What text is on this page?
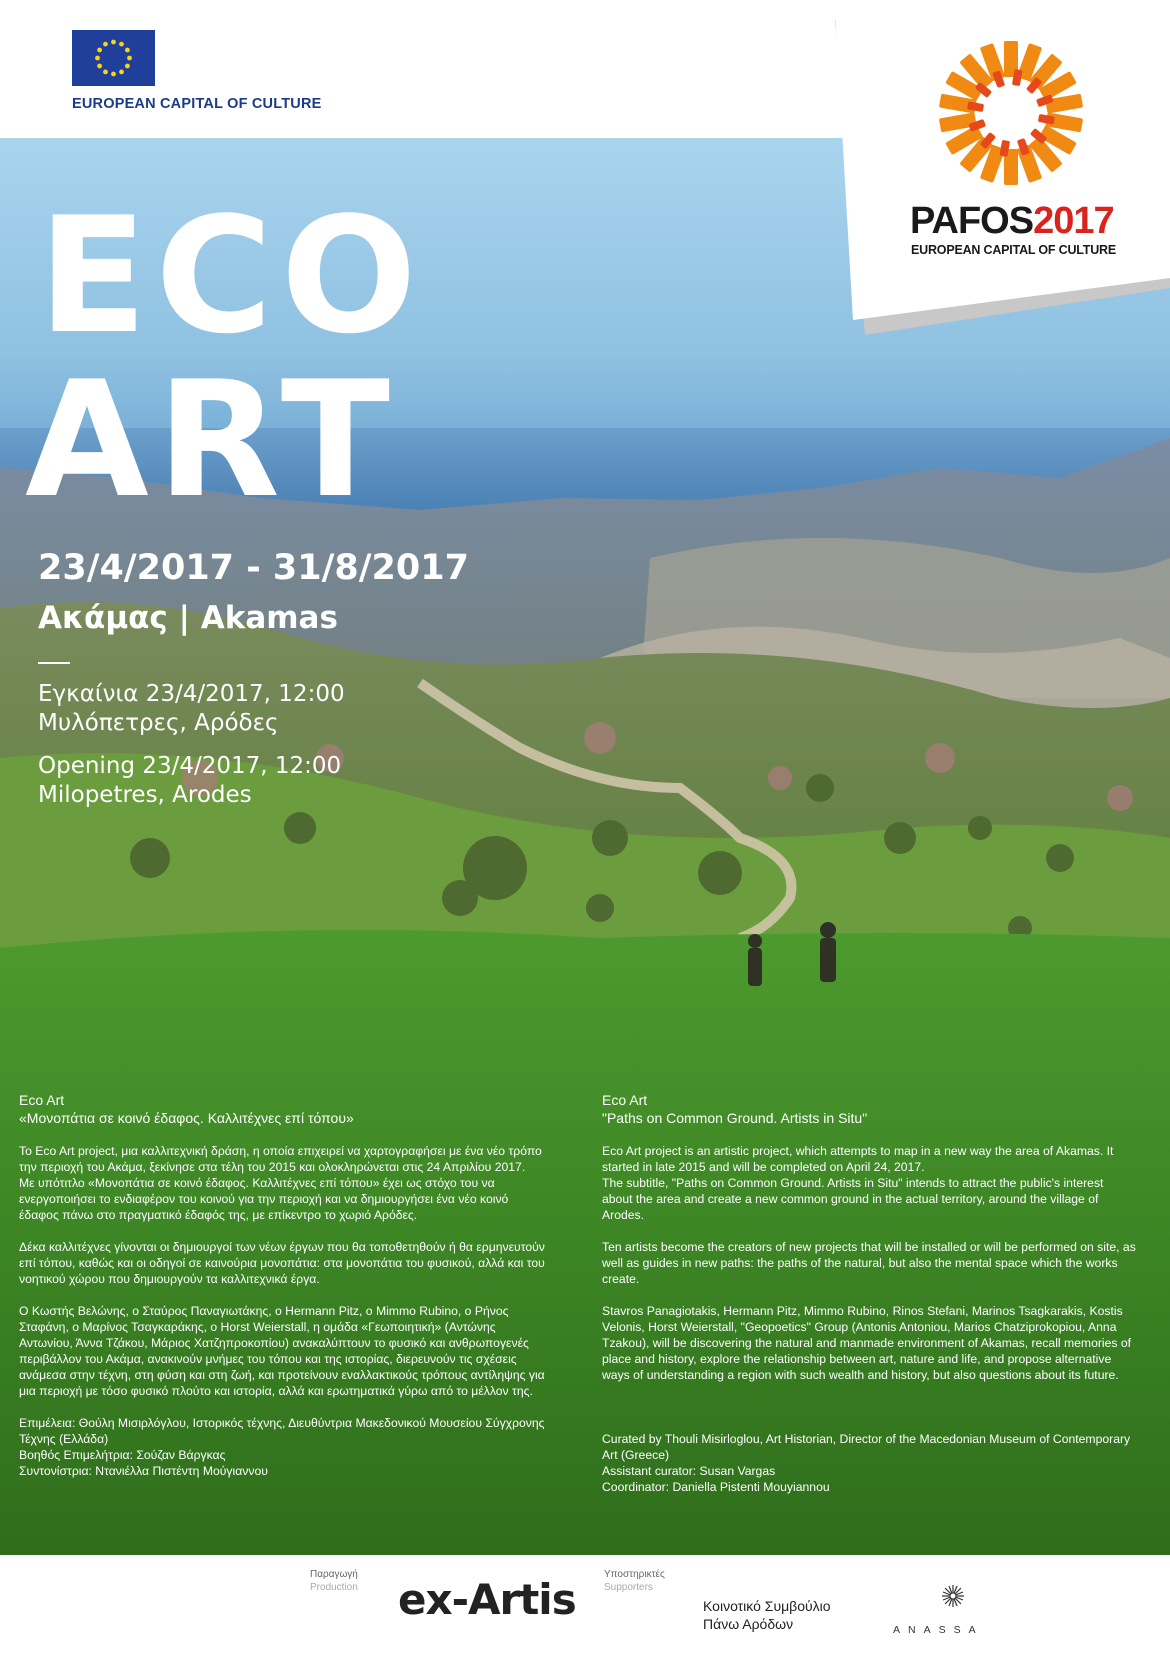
EUROPEAN CAPITAL OF CULTURE
PAFOS2017
EUROPEAN CAPITAL OF CULTURE
ECO
ART
23/4/2017 - 31/8/2017
Ακάμας | Akamas
Εγκαίνια 23/4/2017, 12:00
Μυλόπετρες, Αρόδες
Opening 23/4/2017, 12:00
Milopetres, Arodes

Eco Art

«Μονοπάτια σε κοινό έδαφος. Καλλιτέχνες επί τόπου»

Το Eco Art project, μια καλλιτεχνική δράση, η οποία επιχειρεί να χαρτογραφήσει με ένα νέο τρόπο την περιοχή του Ακάμα, ξεκίνησε στα τέλη του 2015 και ολοκληρώνεται στις 24 Απριλίου 2017.

Με υπότιτλο «Μονοπάτια σε κοινό έδαφος. Καλλιτέχνες επί τόπου» έχει ως στόχο του να ενεργοποιήσει το ενδιαφέρον του κοινού για την περιοχή και να δημιουργήσει ένα νέο κοινό έδαφος πάνω στο πραγματικό έδαφός της, με επίκεντρο το χωριό Αρόδες.

Δέκα καλλιτέχνες γίνονται οι δημιουργοί των νέων έργων που θα τοποθετηθούν ή θα ερμηνευτούν επί τόπου, καθώς και οι οδηγοί σε καινούρια μονοπάτια: στα μονοπάτια του φυσικού, αλλά και του νοητικού χώρου που δημιουργούν τα καλλιτεχνικά έργα.

Ο Κωστής Βελώνης, ο Σταύρος Παναγιωτάκης, ο Hermann Pitz, ο Mimmo Rubino, ο Ρήνος Σταφάνη, ο Μαρίνος Τσαγκαράκης, ο Horst Weierstall, η ομάδα «Γεωποιητική» (Αντώνης Αντωνίου, Άννα Τζάκου, Μάριος Χατζηπροκοπίου) ανακαλύπτουν το φυσικό και ανθρωπογενές περιβάλλον του Ακάμα, ανακινούν μνήμες του τόπου και της ιστορίας, διερευνούν τις σχέσεις ανάμεσα στην τέχνη, στη φύση και στη ζωή, και προτείνουν εναλλακτικούς τρόπους αντίληψης για μια περιοχή με τόσο φυσικό πλούτο και ιστορία, αλλά και ερωτηματικά γύρω από το μέλλον της.

Επιμέλεια: Θούλη Μισιρλόγλου, Ιστορικός τέχνης, Διευθύντρια Μακεδονικού Μουσείου Σύγχρονης Τέχνης (Ελλάδα)

Βοηθός Επιμελήτρια: Σούζαν Βάργκας

Συντονίστρια: Ντανιέλλα Πιστέντη Μούγιαννου

Eco Art

"Paths on Common Ground. Artists in Situ"

Eco Art project is an artistic project, which attempts to map in a new way the area of Akamas. It started in late 2015 and will be completed on April 24, 2017.

The subtitle, "Paths on Common Ground. Artists in Situ" intends to attract the public's interest about the area and create a new common ground in the actual territory, around the village of Arodes.

Ten artists become the creators of new projects that will be installed or will be performed on site, as well as guides in new paths: the paths of the natural, but also the mental space which the works create.

Stavros Panagiotakis, Hermann Pitz, Mimmo Rubino, Rinos Stefani, Marinos Tsagkarakis, Kostis Velonis, Horst Weierstall, "Geopoetics" Group (Antonis Antoniou, Marios Chatziprokopiou, Anna Tzakou), will be discovering the natural and manmade environment of Akamas, recall memories of place and history, explore the relationship between art, nature and life, and propose alternative ways of understanding a region with such wealth and history, but also questions about its future.

Curated by Thouli Misirloglou, Art Historian, Director of the Macedonian Museum of Contemporary Art (Greece)

Assistant curator: Susan Vargas

Coordinator: Daniella Pistenti Mouyiannou

Παραγωγή
Production ex-Artis
Υποστηρικτές
Supporters
Κοινοτικό Συμβούλιο
Πάνω Αρόδων	ANASSA
